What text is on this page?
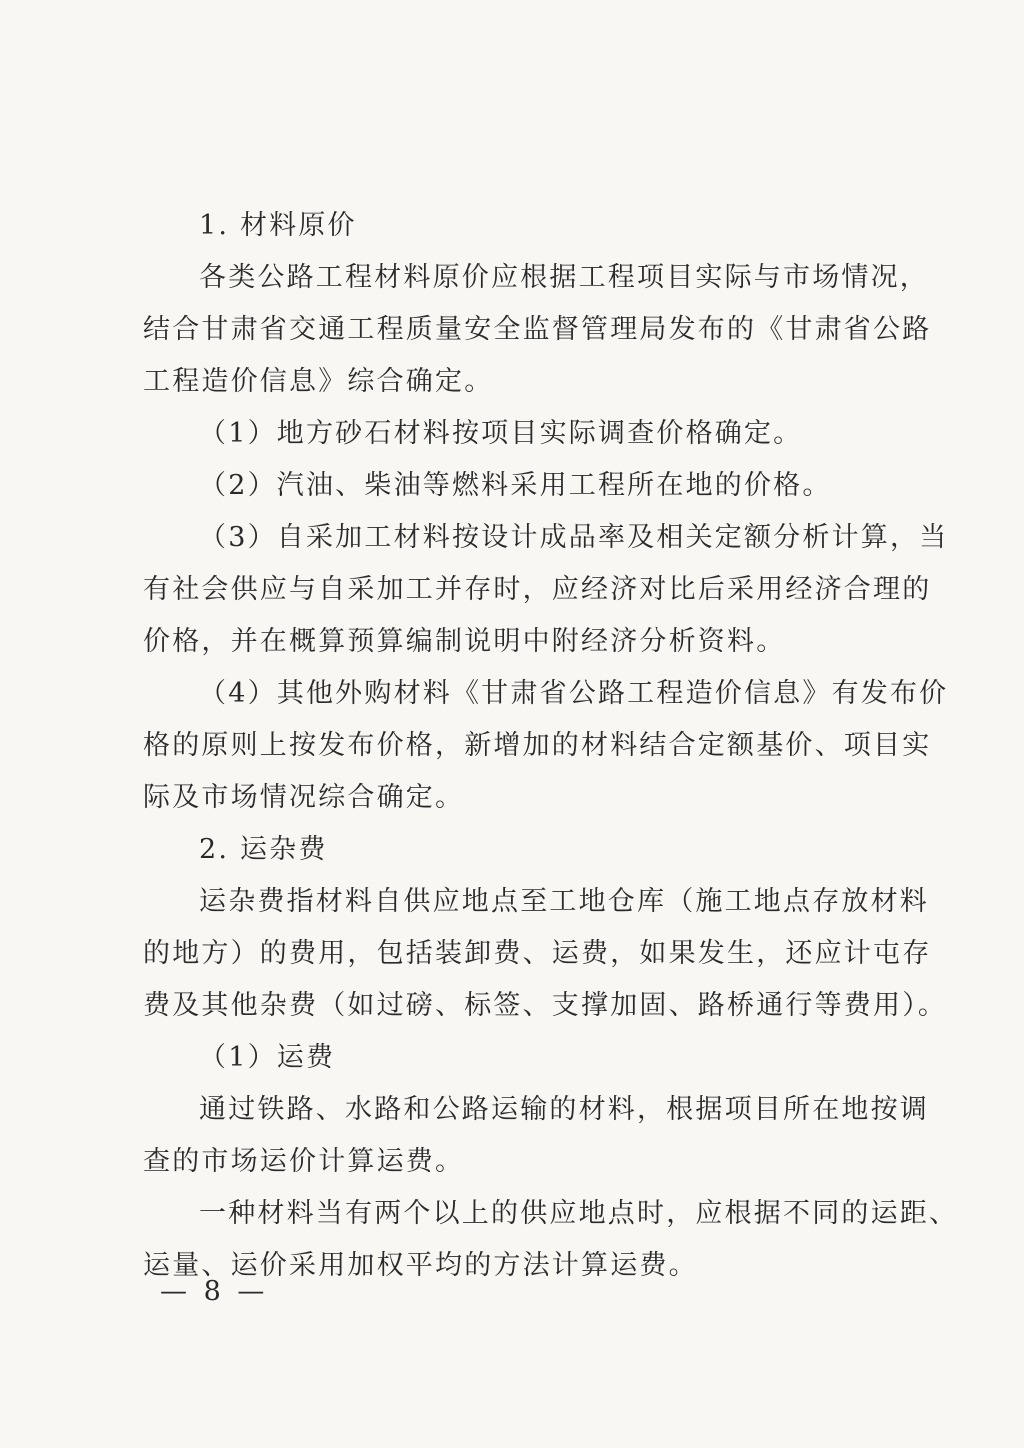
1. 材料原价
各类公路工程材料原价应根据工程项目实际与市场情况，
结合甘肃省交通工程质量安全监督管理局发布的《甘肃省公路
工程造价信息》综合确定。
（1）地方砂石材料按项目实际调查价格确定。
（2）汽油、柴油等燃料采用工程所在地的价格。
（3）自采加工材料按设计成品率及相关定额分析计算，当
有社会供应与自采加工并存时，应经济对比后采用经济合理的
价格，并在概算预算编制说明中附经济分析资料。
（4）其他外购材料《甘肃省公路工程造价信息》有发布价
格的原则上按发布价格，新增加的材料结合定额基价、项目实
际及市场情况综合确定。
2. 运杂费
运杂费指材料自供应地点至工地仓库（施工地点存放材料
的地方）的费用，包括装卸费、运费，如果发生，还应计屯存
费及其他杂费（如过磅、标签、支撑加固、路桥通行等费用）。
（1）运费
通过铁路、水路和公路运输的材料，根据项目所在地按调
查的市场运价计算运费。
一种材料当有两个以上的供应地点时，应根据不同的运距、
运量、运价采用加权平均的方法计算运费。
— 8 —
